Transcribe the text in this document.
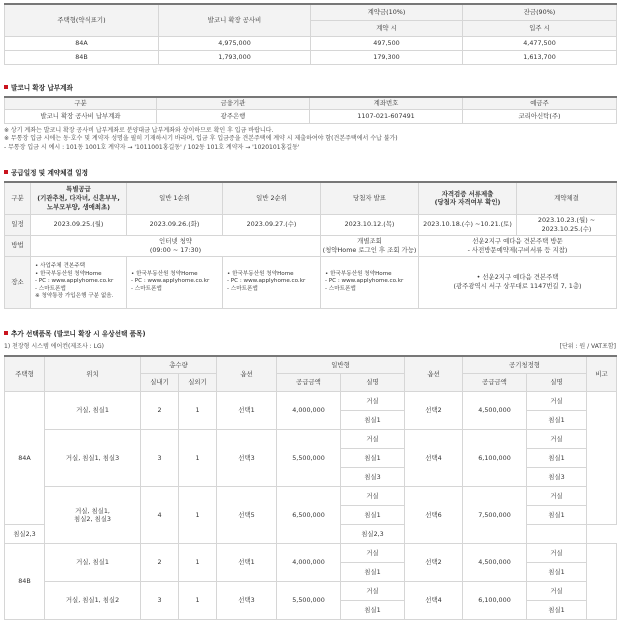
주택형(약식표기)	발코니 확장 공사비	계약금(10%)	잔금(90%)
		계약 시	입주 시
84A	4,975,000	497,500	4,477,500
84B	1,793,000	179,300	1,613,700
발코니 확장 납부계좌
구분	금융기관	계좌번호	예금주
발코니 확장 공사비 납부계좌	광주은행	1107-021-607491	코리아신탁(주)
※ 상기 계좌는 발코니 확장 공사비 납부계좌로 분양대금 납부계좌와 상이하므로 확인 후 입금 바랍니다.
※ 무통장 입금 시에는 동·호수 및 계약자 성명을 필히 기재하시기 바라며, 입금 후 입금증을 견본주택에 계약 시 제출하여야 함(견본주택에서 수납 불가)
- 무통장 입금 시 예시 : 101동 1001호 계약자 → '1011001홍길동' / 102동 101호 계약자 → '1020101홍길동'
공급일정 및 계약체결 일정
구분	특별공급
(기관추천, 다자녀, 신혼부부,
노부모부양, 생애최초)	일반 1순위	일반 2순위	당첨자 발표	자격검증 서류제출
(당첨자 자격여부 확인)	계약체결
일정	2023.09.25.(월)	2023.09.26.(화)	2023.09.27.(수)	2023.10.12.(목)	2023.10.18.(수) ~10.21.(토)	2023.10.23.(월) ~
2023.10.25.(수)
방법	인터넷 청약
(09:00 ~ 17:30)			개별조회
(청약Home 로그인 후 조회 가능)	선운2지구 예다음 견본주택 방문
- 사전방문예약제(구비서류 등 지참)	
장소	• 사업주체 견본주택
• 한국부동산원 청약Home
- PC : www.applyhome.co.kr
- 스마트폰앱
※ 청약통장 가입은행 구분 없음.	• 한국부동산원 청약Home
- PC : www.applyhome.co.kr
- 스마트폰앱	• 한국부동산원 청약Home
- PC : www.applyhome.co.kr
- 스마트폰앱	• 한국부동산원 청약Home
- PC : www.applyhome.co.kr
- 스마트폰앱	• 선운2지구 예다음 견본주택
(광주광역시 서구 상무대로 1147번길 7, 1층)	
추가 선택품목 (발코니 확장 시 유상선택 품목)
1) 천장형 시스템 에어컨(제조사 : LG)	[단위 : 원 / VAT포함]
주택형	위치	총수량		옵션	일반형		옵션	공기청정형		비고
		실내기	실외기		공급금액	실명		공급금액	실명	
84A	거실, 침실1	2	1	선택1	4,000,000	거실	선택2	4,500,000	거실	
						침실1			침실1	
	거실, 침실1, 침실3	3	1	선택3	5,500,000	거실	선택4	6,100,000	거실	
						침실1			침실1	
						침실3			침실3	
	거실, 침실1,
침실2, 침실3	4	1	선택5	6,500,000	거실	선택6	7,500,000	거실	
						침실1			침실1	
침실2,3						침실2,3				
84B	거실, 침실1	2	1	선택1	4,000,000	거실	선택2	4,500,000	거실	
						침실1			침실1	
	거실, 침실1, 침실2	3	1	선택3	5,500,000	거실	선택4	6,100,000	거실	
						침실1			침실1	
